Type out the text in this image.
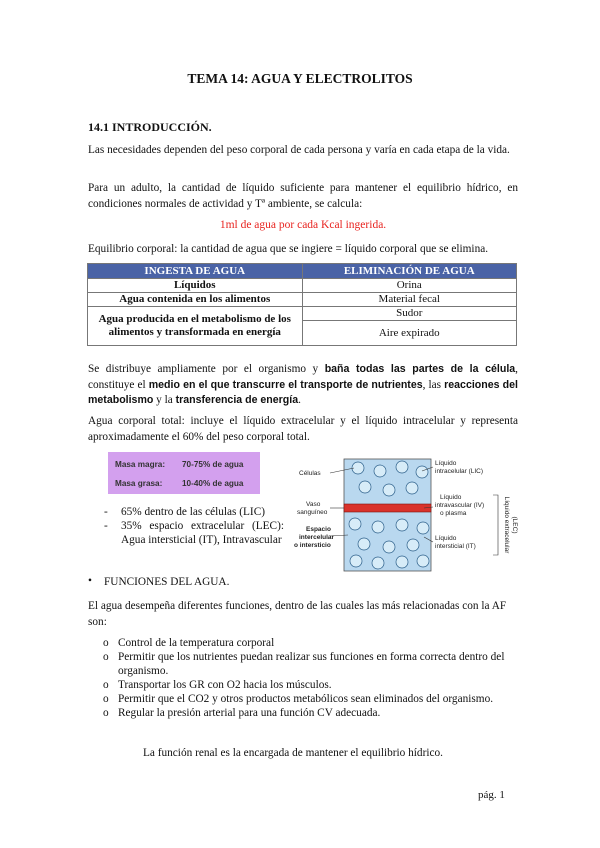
TEMA 14: AGUA Y ELECTROLITOS
14.1 INTRODUCCIÓN.
Las necesidades dependen del peso corporal de cada persona y varía en cada etapa de la vida.
Para un adulto, la cantidad de líquido suficiente para mantener el equilibrio hídrico, en condiciones normales de actividad y Tª ambiente, se calcula:
1ml de agua por cada Kcal ingerida.
Equilibrio corporal: la cantidad de agua que se ingiere = líquido corporal que se elimina.
INGESTA DE AGUA	ELIMINACIÓN DE AGUA
Líquidos	Orina
Agua contenida en los alimentos	Material fecal
Agua producida en el metabolismo de los alimentos y transformada en energía	Sudor
	Aire expirado
Se distribuye ampliamente por el organismo y baña todas las partes de la célula, constituye el medio en el que transcurre el transporte de nutrientes, las reacciones del metabolismo y la transferencia de energía.
Agua corporal total: incluye el líquido extracelular y el líquido intracelular y representa aproximadamente el 60% del peso corporal total.
Masa magra: 70-75% de agua
Masa grasa: 10-40% de agua
- 65% dentro de las células (LIC)
- 35% espacio extracelular (LEC): Agua intersticial (IT), Intravascular
Células
Vaso
sanguíneo
Espacio
intercelular
o intersticio
Líquido
intracelular (LIC)
Líquido
intravascular (IV)
o plasma
Líquido
intersticial (IT)	Líquido extracelular (LEC)
• FUNCIONES DEL AGUA.
El agua desempeña diferentes funciones, dentro de las cuales las más relacionadas con la AF son:
o Control de la temperatura corporal
o Permitir que los nutrientes puedan realizar sus funciones en forma correcta dentro del organismo.
o Transportar los GR con O2 hacia los músculos.
o Permitir que el CO2 y otros productos metabólicos sean eliminados del organismo.
o Regular la presión arterial para una función CV adecuada.
La función renal es la encargada de mantener el equilibrio hídrico.
pág. 1
